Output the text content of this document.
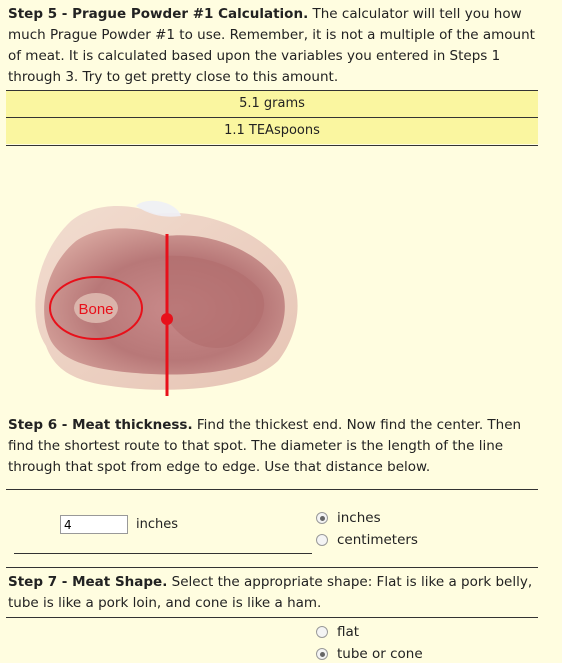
Step 5 - Prague Powder #1 Calculation. The calculator will tell you how much Prague Powder #1 to use. Remember, it is not a multiple of the amount of meat. It is calculated based upon the variables you entered in Steps 1 through 3. Try to get pretty close to this amount.
5.1 grams
1.1 TEAspoons
Bone
Step 6 - Meat thickness. Find the thickest end. Now find the center. Then find the shortest route to that spot. The diameter is the length of the line through that spot from edge to edge. Use that distance below.
4
inches	inches
centimeters
Step 7 - Meat Shape. Select the appropriate shape: Flat is like a pork belly, tube is like a pork loin, and cone is like a ham.
flat
tube or cone
